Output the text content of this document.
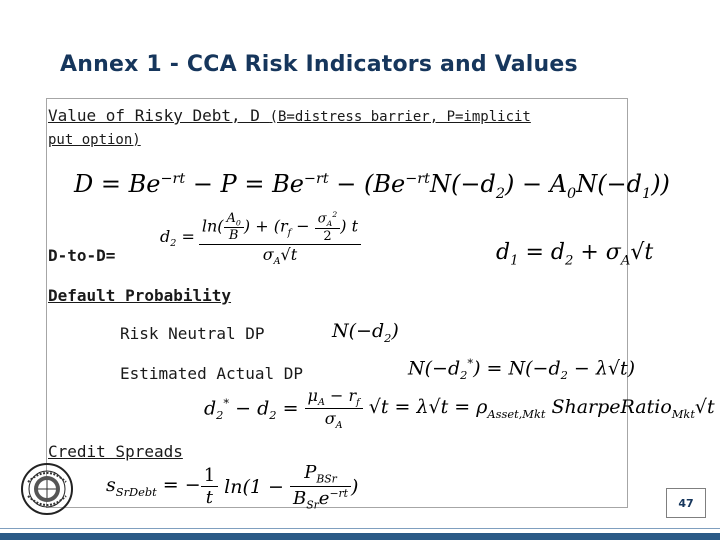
Annex 1 - CCA Risk Indicators and Values
Value of Risky Debt, D (B=distress barrier, P=implicit
put option)
$D = Be^{-rt} - P = Be^{-rt} - (Be^{-rt}N(-d_2) - A_0N(-d_1))$
D-to-D=
$d_2 = \frac{\ln( \frac{A_0}{B} ) + (r_f - \frac{\sigma_A^2}{2} ) t}{\sigma_A√t}$	$d_1 = d_2 + \sigma_A√t$
Default Probability
Risk Neutral DP	$N(-d_2)$
Estimated Actual DP	$N(-d_2^*) = N(-d_2 - \lambda√t)$
$d_2^* - d_2 = \frac{\mu_A - r_f}{\sigma_A} √t = \lambda√t = \rho_{Asset,Mkt}$ SharpeRatio$_{Mkt}$√t
Credit Spreads
$s_{SrDebt}$ = − $\frac{1}{t} \ln(1$ −
$P_{BSr}$
$B_{Sr}e^{-rt}$ )
47
